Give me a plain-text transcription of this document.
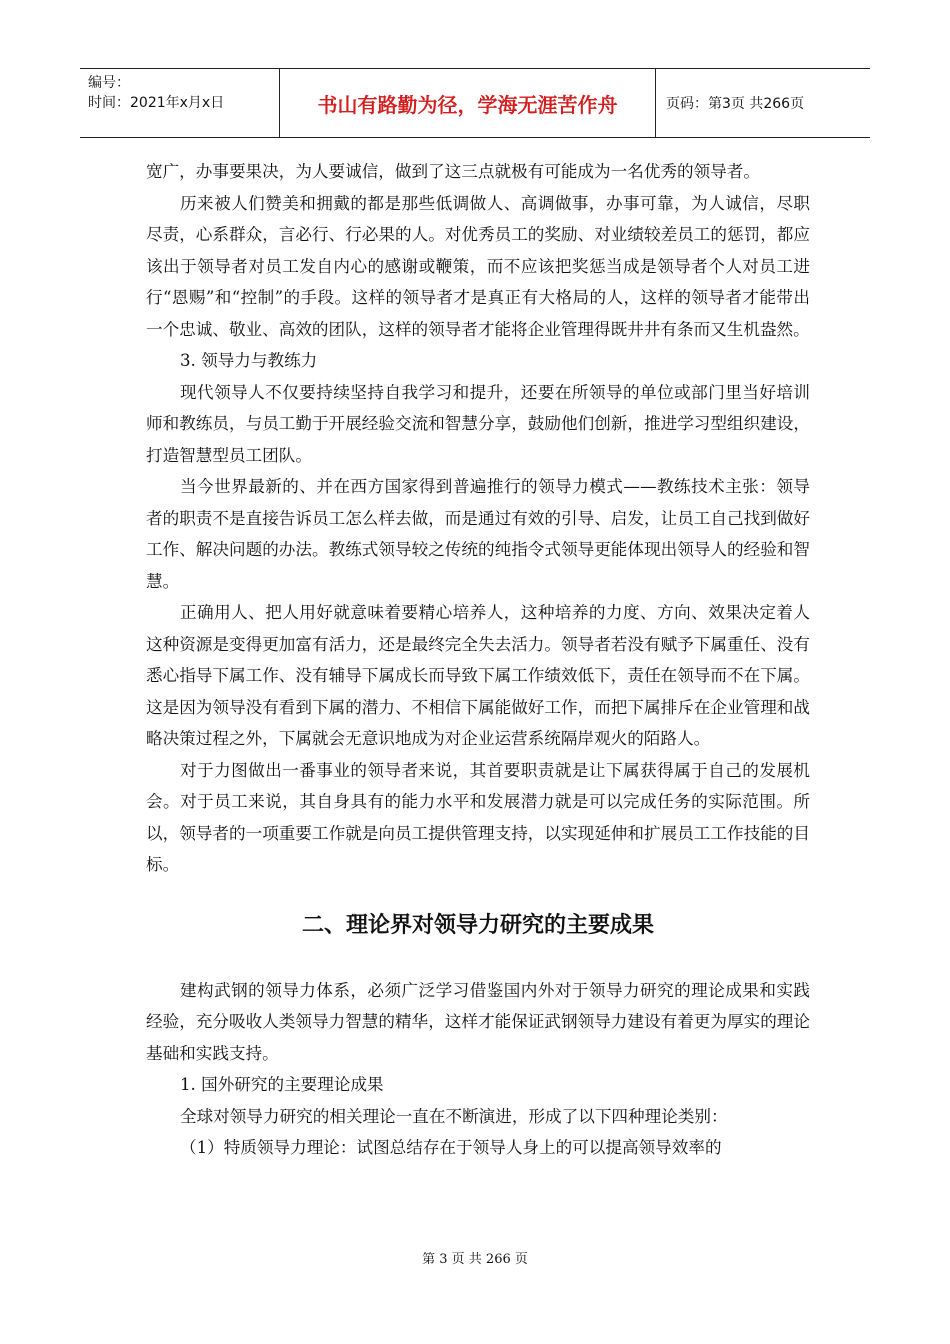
编号：
时间：2021年x月x日	书山有路勤为径，学海无涯苦作舟	页码：第3页 共266页

宽广，办事要果决，为人要诚信，做到了这三点就极有可能成为一名优秀的领导者。

历来被人们赞美和拥戴的都是那些低调做人、高调做事，办事可靠，为人诚信，尽职尽责，心系群众，言必行、行必果的人。对优秀员工的奖励、对业绩较差员工的惩罚，都应该出于领导者对员工发自内心的感谢或鞭策，而不应该把奖惩当成是领导者个人对员工进行“恩赐”和“控制”的手段。这样的领导者才是真正有大格局的人，这样的领导者才能带出一个忠诚、敬业、高效的团队，这样的领导者才能将企业管理得既井井有条而又生机盎然。

3. 领导力与教练力

现代领导人不仅要持续坚持自我学习和提升，还要在所领导的单位或部门里当好培训师和教练员，与员工勤于开展经验交流和智慧分享，鼓励他们创新，推进学习型组织建设，打造智慧型员工团队。

当今世界最新的、并在西方国家得到普遍推行的领导力模式——教练技术主张：领导者的职责不是直接告诉员工怎么样去做，而是通过有效的引导、启发，让员工自己找到做好工作、解决问题的办法。教练式领导较之传统的纯指令式领导更能体现出领导人的经验和智慧。

正确用人、把人用好就意味着要精心培养人，这种培养的力度、方向、效果决定着人这种资源是变得更加富有活力，还是最终完全失去活力。领导者若没有赋予下属重任、没有悉心指导下属工作、没有辅导下属成长而导致下属工作绩效低下，责任在领导而不在下属。这是因为领导没有看到下属的潜力、不相信下属能做好工作，而把下属排斥在企业管理和战略决策过程之外，下属就会无意识地成为对企业运营系统隔岸观火的陌路人。

对于力图做出一番事业的领导者来说，其首要职责就是让下属获得属于自己的发展机会。对于员工来说，其自身具有的能力水平和发展潜力就是可以完成任务的实际范围。所以，领导者的一项重要工作就是向员工提供管理支持，以实现延伸和扩展员工工作技能的目标。

二、理论界对领导力研究的主要成果

建构武钢的领导力体系，必须广泛学习借鉴国内外对于领导力研究的理论成果和实践经验，充分吸收人类领导力智慧的精华，这样才能保证武钢领导力建设有着更为厚实的理论基础和实践支持。

1. 国外研究的主要理论成果

全球对领导力研究的相关理论一直在不断演进，形成了以下四种理论类别：

（1）特质领导力理论：试图总结存在于领导人身上的可以提高领导效率的

第 3 页 共 266 页
